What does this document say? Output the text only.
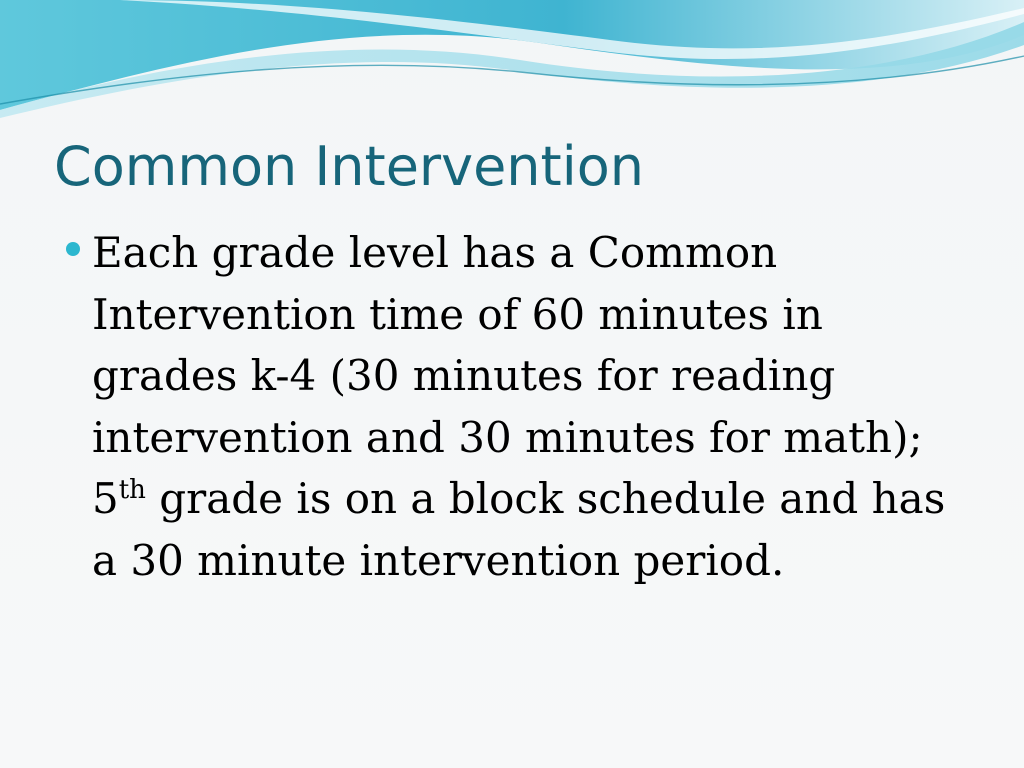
Common Intervention
Each grade level has a Common
Intervention time of 60 minutes in
grades k-4 (30 minutes for reading
intervention and 30 minutes for math);
5th grade is on a block schedule and has
a 30 minute intervention period.
